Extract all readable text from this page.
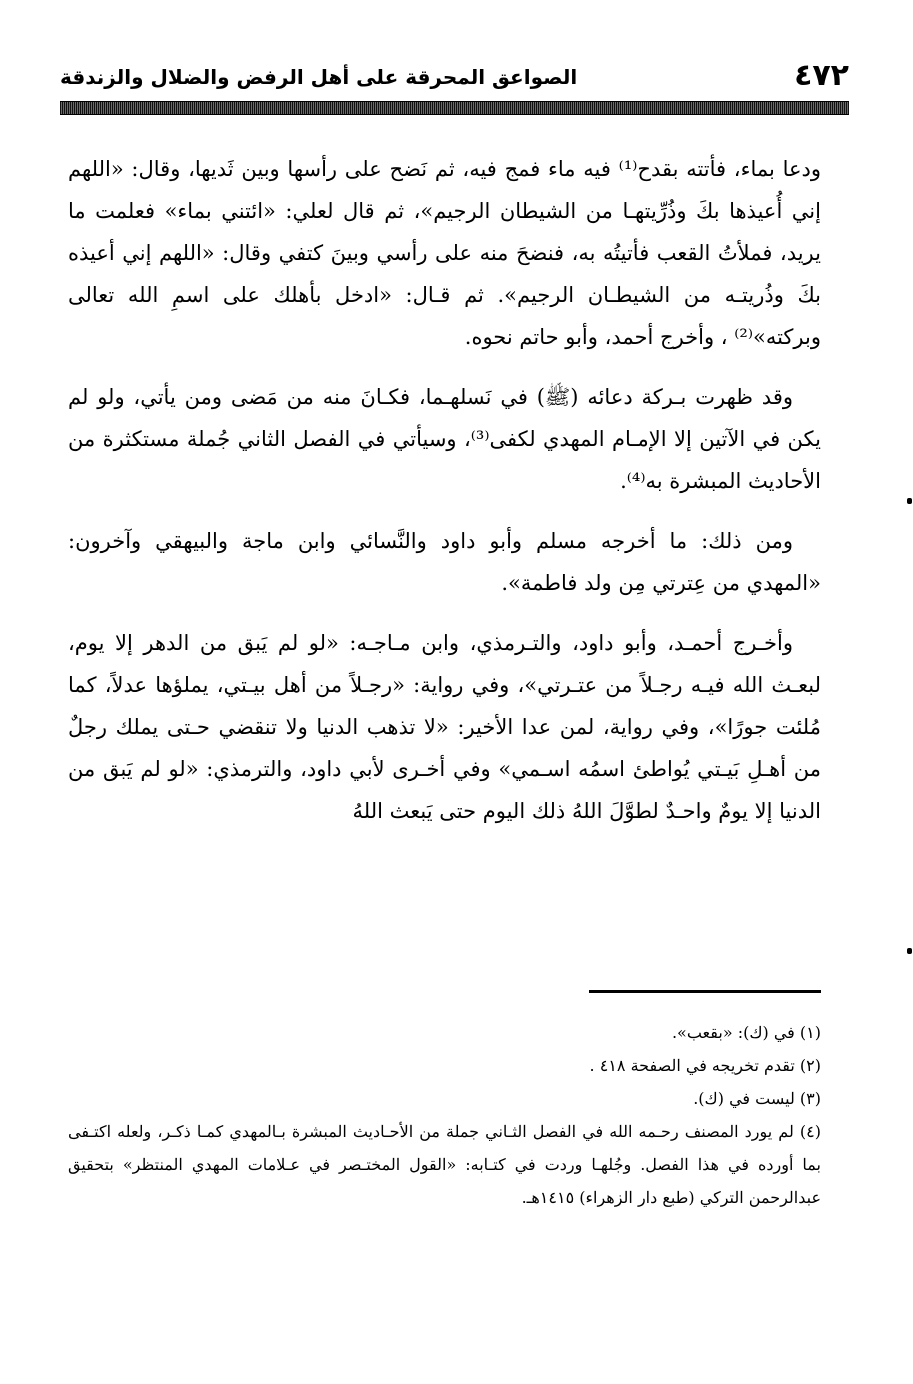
٤٧٢
الصواعق المحرقة على أهل الرفض والضلال والزندقة

ودعا بماء، فأتته بقدح⁽¹⁾ فيه ماء فمج فيه، ثم نَضح على رأسها وبين ثَديها، وقال: «اللهم إني أُعيذها بكَ وذُرِّيتهـا من الشيطان الرجيم»، ثم قال لعلي: «ائتني بماء» فعلمت ما يريد، فملأتُ القعب فأتيتُه به، فنضحَ منه على رأسي وبينَ كتفي وقال: «اللهم إني أعيذه بكَ وذُريتـه من الشيطـان الرجيم». ثم قـال: «ادخل بأهلك على اسمِ الله تعالى وبركته»⁽²⁾ ، وأخرج أحمد، وأبو حاتم نحوه.

وقد ظهرت بـركة دعائه (ﷺ) في نَسلهـما، فكـانَ منه من مَضى ومن يأتي، ولو لم يكن في الآتين إلا الإمـام المهدي لكفى⁽³⁾، وسيأتي في الفصل الثاني جُملة مستكثرة من الأحاديث المبشرة به⁽⁴⁾.

ومن ذلك: ما أخرجه مسلم وأبو داود والنَّسائي وابن ماجة والبيهقي وآخرون: «المهدي من عِترتي مِن ولد فاطمة».

وأخـرج أحمـد، وأبو داود، والتـرمذي، وابن مـاجـه: «لو لم يَبق من الدهر إلا يوم، لبعـث الله فيـه رجـلاً من عتـرتي»، وفي رواية: «رجـلاً من أهل بيـتي، يملؤها عدلاً، كما مُلئت جورًا»، وفي رواية، لمن عدا الأخير: «لا تذهب الدنيا ولا تنقضي حـتى يملك رجلٌ من أهـلِ بَيـتي يُواطئ اسمُه اسـمي» وفي أخـرى لأبي داود، والترمذي: «لو لم يَبق من الدنيا إلا يومٌ واحـدٌ لطوَّلَ اللهُ ذلك اليوم حتى يَبعث اللهُ

(١) في (ك): «بقعب».

(٢) تقدم تخريجه في الصفحة ٤١٨ .

(٣) ليست في (ك).

(٤) لم يورد المصنف رحـمه الله في الفصل الثـاني جملة من الأحـاديث المبشرة بـالمهدي كمـا ذكـر، ولعله اكتـفى بما أورده في هذا الفصل. وجُلهـا وردت في كتـابه: «القول المختـصر في عـلامات المهدي المنتظر» بتحقيق عبدالرحمن التركي (طبع دار الزهراء) ١٤١٥هـ.
